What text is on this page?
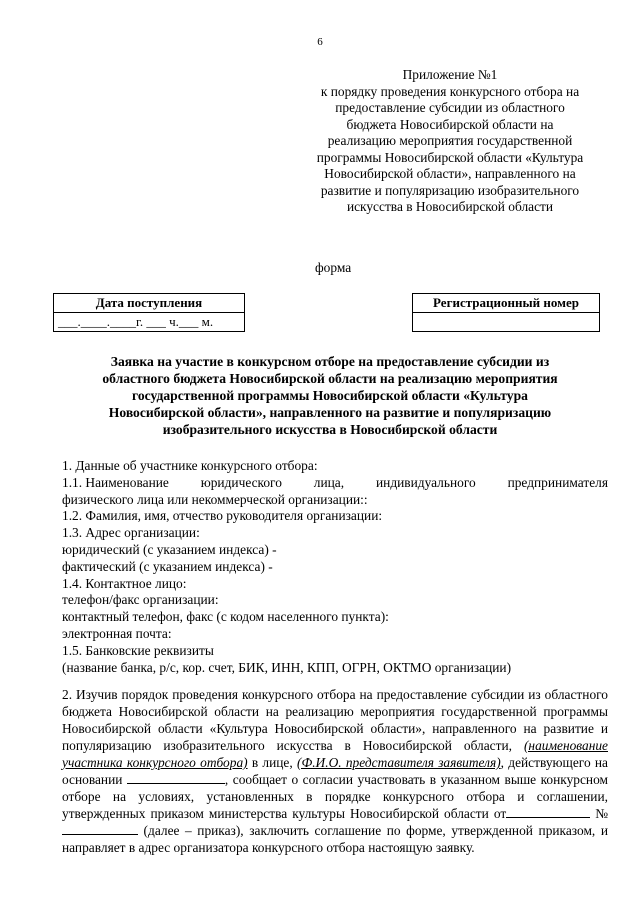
6
Приложение №1
к порядку проведения конкурсного отбора на
предоставление субсидии из областного
бюджета Новосибирской области на
реализацию мероприятия государственной
программы Новосибирской области «Культура
Новосибирской области», направленного на
развитие и популяризацию изобразительного
искусства в Новосибирской области
форма
Дата поступления
___.____.____г. ___ ч.___ м.
Регистрационный номер

Заявка на участие в конкурсном отборе на предоставление субсидии из
областного бюджета Новосибирской области на реализацию мероприятия
государственной программы Новосибирской области «Культура
Новосибирской области», направленного на развитие и популяризацию
изобразительного искусства в Новосибирской области
1. Данные об участнике конкурсного отбора:
1.1. Наименование юридического лица, индивидуального предпринимателя
физического лица или некоммерческой организации::
1.2. Фамилия, имя, отчество руководителя организации:
1.3. Адрес организации:
юридический (с указанием индекса) -
фактический (с указанием индекса) -
1.4. Контактное лицо:
телефон/факс организации:
контактный телефон, факс (с кодом населенного пункта):
электронная почта:
1.5. Банковские реквизиты
(название банка, р/с, кор. счет, БИК, ИНН, КПП, ОГРН, ОКТМО организации)

2. Изучив порядок проведения конкурсного отбора на предоставление субсидии из областного бюджета Новосибирской области на реализацию мероприятия государственной программы Новосибирской области «Культура Новосибирской области», направленного на развитие и популяризацию изобразительного искусства в Новосибирской области, (наименование участника конкурсного отбора) в лице, (Ф.И.О. представителя заявителя), действующего на основании	, сообщает о согласии участвовать в указанном выше конкурсном отборе на условиях, установленных в порядке конкурсного отбора и соглашении, утвержденных приказом министерства культуры Новосибирской области от	№  (далее – приказ), заключить соглашение по форме, утвержденной приказом, и направляет в адрес организатора конкурсного отбора настоящую заявку.
